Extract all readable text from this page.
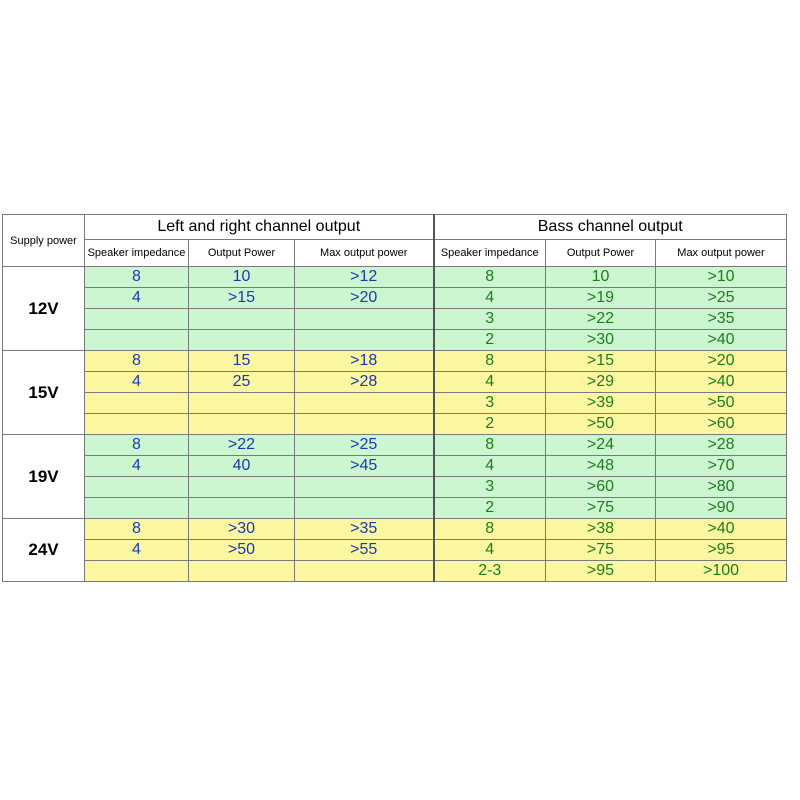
Supply power	Left and right channel output			Bass channel output		
	Speaker impedance	Output Power	Max output power	Speaker impedance	Output Power	Max output power
12V	8	10	>12	8	10	>10
	4	>15	>20	4	>19	>25
				3	>22	>35
				2	>30	>40
15V	8	15	>18	8	>15	>20
	4	25	>28	4	>29	>40
				3	>39	>50
				2	>50	>60
19V	8	>22	>25	8	>24	>28
	4	40	>45	4	>48	>70
				3	>60	>80
				2	>75	>90
24V	8	>30	>35	8	>38	>40
	4	>50	>55	4	>75	>95
				2-3	>95	>100
